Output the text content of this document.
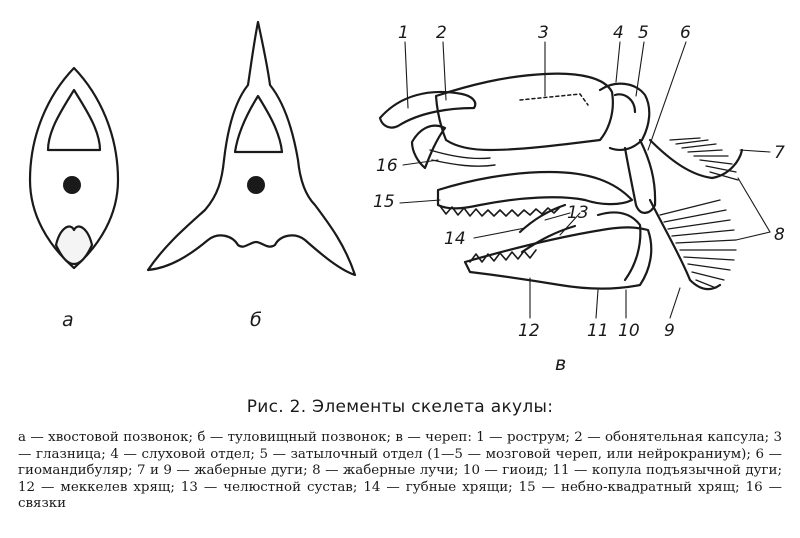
1 2	3	4 5 6
7
8
9
10
11
12
13
14
15
16
а	б
в
Рис. 2. Элементы скелета акулы:
а — хвостовой позвонок; б — туловищный позвонок; в — череп: 1 — рострум; 2 — обонятельная капсула; 3 — глазница; 4 — слуховой отдел; 5 — затылочный отдел (1—5 — мозговой череп, или нейрокраниум); 6 — гиомандибуляр; 7 и 9 — жаберные дуги; 8 — жаберные лучи; 10 — гиоид; 11 — копула подъязычной дуги; 12 — меккелев хрящ; 13 — челюстной сустав; 14 — губные хрящи; 15 — небно-квадратный хрящ; 16 — связки
